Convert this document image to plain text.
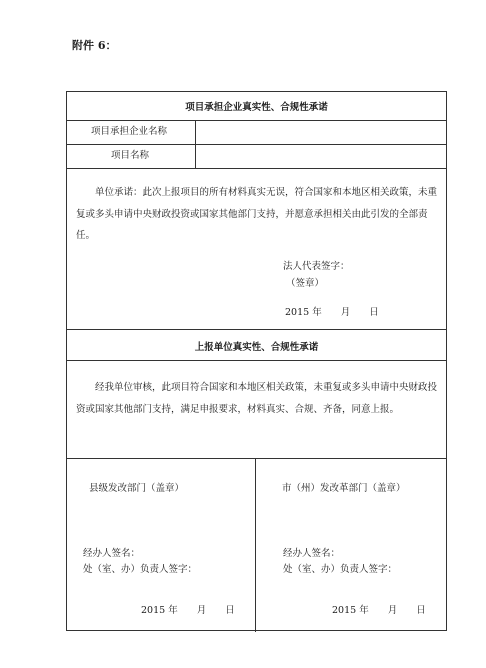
附件 6：
项目承担企业真实性、合规性承诺
项目承担企业名称
项目名称
单位承诺：此次上报项目的所有材料真实无误，符合国家和本地区相关政策，未重复或多头申请中央财政投资或国家其他部门支持，并愿意承担相关由此引发的全部责任。
法人代表签字：
（签章）
2015 年　　月　　日
上报单位真实性、合规性承诺
经我单位审核，此项目符合国家和本地区相关政策，未重复或多头申请中央财政投资或国家其他部门支持，满足申报要求，材料真实、合规、齐备，同意上报。
县级发改部门（盖章）
经办人签名：
处（室、办）负责人签字：
2015 年　　月　　日
市（州）发改革部门（盖章）
经办人签名：
处（室、办）负责人签字：
2015 年　　月　　日
